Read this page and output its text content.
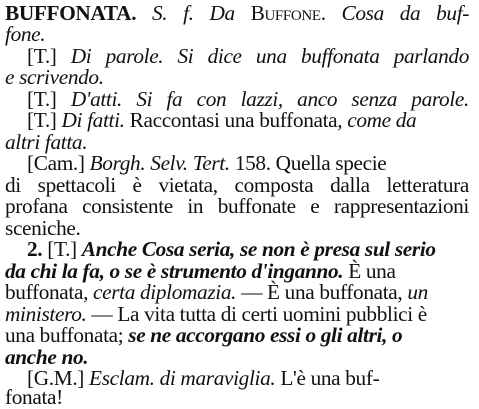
BUFFONATA. S. f. Da Buffone. Cosa da buf-
fone.
[T.] Di parole. Si dice una buffonata parlando
e scrivendo.
[T.] D'atti. Si fa con lazzi, anco senza parole.
[T.] Di fatti. Raccontasi una buffonata, come da
altri fatta.
[Cam.] Borgh. Selv. Tert. 158. Quella specie
di spettacoli è vietata, composta dalla letteratura
profana consistente in buffonate e rappresentazioni
sceniche.
2. [T.] Anche Cosa seria, se non è presa sul serio
da chi la fa, o se è strumento d'inganno. È una
buffonata, certa diplomazia. — È una buffonata, un
ministero. — La vita tutta di certi uomini pubblici è
una buffonata; se ne accorgano essi o gli altri, o
anche no.
[G.M.] Esclam. di maraviglia. L'è una buf-
fonata!
